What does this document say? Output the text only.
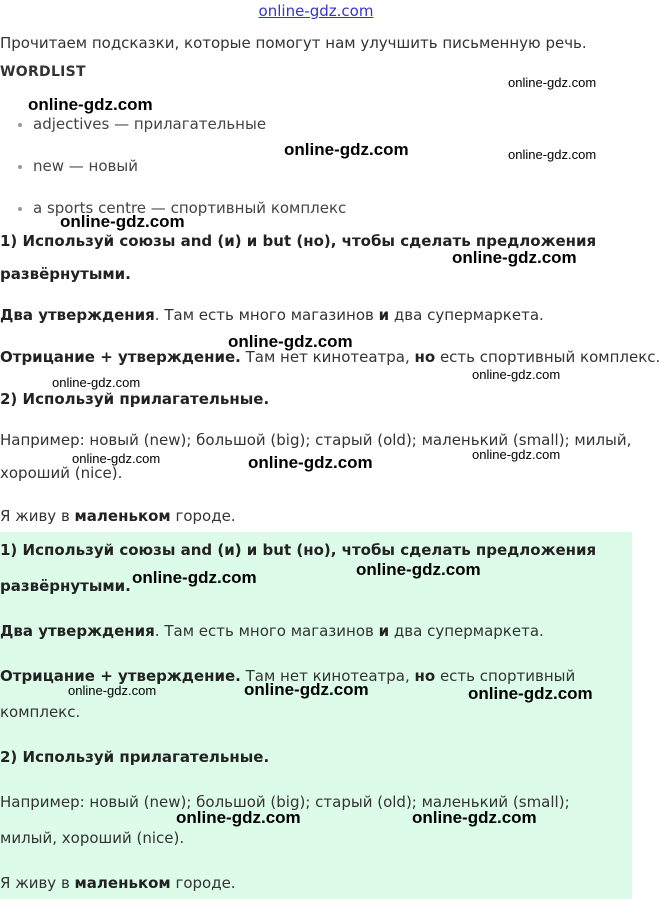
online-gdz.com
Прочитаем подсказки, которые помогут нам улучшить письменную речь.
WORDLIST
adjectives — прилагательные
new — новый
a sports centre — спортивный комплекс
1) Используй союзы and (и) и but (но), чтобы сделать предложения
развёрнутыми.
Два утверждения. Там есть много магазинов и два супермаркета.
Отрицание + утверждение. Там нет кинотеатра, но есть спортивный комплекс.
2) Используй прилагательные.
Например: новый (new); большой (big); старый (old); маленький (small); милый,
хороший (nice).
Я живу в маленьком городе.
1) Используй союзы and (и) и but (но), чтобы сделать предложения
развёрнутыми.
Два утверждения. Там есть много магазинов и два супермаркета.
Отрицание + утверждение. Там нет кинотеатра, но есть спортивный
комплекс.
2) Используй прилагательные.
Например: новый (new); большой (big); старый (old); маленький (small);
милый, хороший (nice).
Я живу в маленьком городе.
online-gdz.com
online-gdz.com
online-gdz.com	online-gdz.com
online-gdz.com
online-gdz.com
online-gdz.com
online-gdz.com
online-gdz.com
online-gdz.com	online-gdz.com
online-gdz.com
online-gdz.com
online-gdz.com
online-gdz.com	online-gdz.com	online-gdz.com
online-gdz.com	online-gdz.com
